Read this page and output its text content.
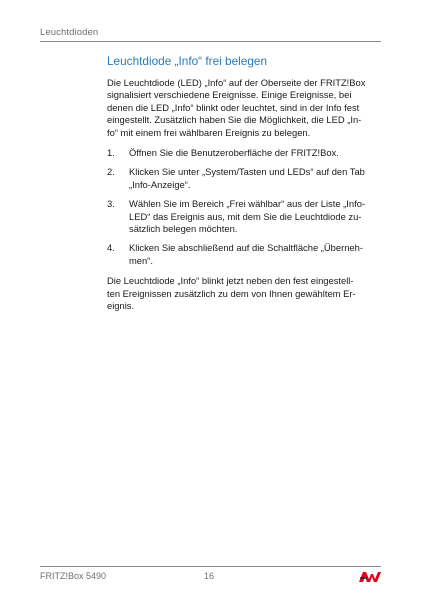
Leuchtdioden
Leuchtdiode „Info“ frei belegen

Die Leuchtdiode (LED) „Info“ auf der Oberseite der FRITZ!Box
signalisiert verschiedene Ereignisse. Einige Ereignisse, bei
denen die LED „Info“ blinkt oder leuchtet, sind in der Info fest
eingestellt. Zusätzlich haben Sie die Möglichkeit, die LED „In-
fo“ mit einem frei wählbaren Ereignis zu belegen.

1. Öffnen Sie die Benutzeroberfläche der FRITZ!Box.
2. Klicken Sie unter „System/Tasten und LEDs“ auf den Tab
„Info-Anzeige“.
3. Wählen Sie im Bereich „Frei wählbar“ aus der Liste „Info-
LED“ das Ereignis aus, mit dem Sie die Leuchtdiode zu-
sätzlich belegen möchten.
4. Klicken Sie abschließend auf die Schaltfläche „Überneh-
men“.

Die Leuchtdiode „Info“ blinkt jetzt neben den fest eingestell-
ten Ereignissen zusätzlich zu dem von Ihnen gewähltem Er-
eignis.

FRITZ!Box 5490	16
